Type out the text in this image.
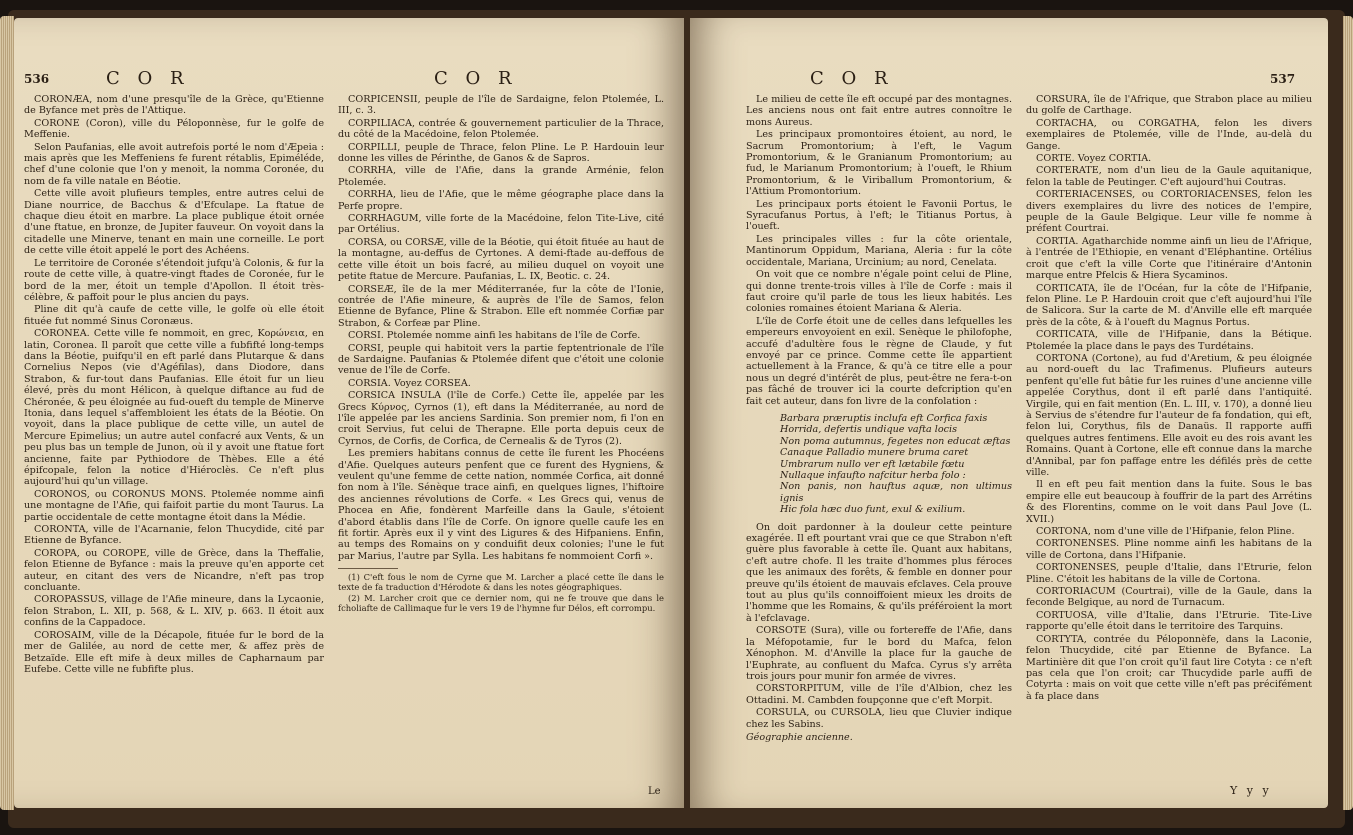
536	C O R	C O R

CORONÆA, nom d'une presqu'île de la Grèce, qu'Etienne de Byfance met près de l'Attique.

CORONE (Coron), ville du Péloponnèse, fur le golfe de Meffenie.

Selon Paufanias, elle avoit autrefois porté le nom d'Æpeia : mais après que les Meffeniens fe furent rétablis, Epiméléde, chef d'une colonie que l'on y menoit, la nomma Coronée, du nom de fa ville natale en Béotie.

Cette ville avoit plufieurs temples, entre autres celui de Diane nourrice, de Bacchus & d'Efculape. La ftatue de chaque dieu étoit en marbre. La place publique étoit ornée d'une ftatue, en bronze, de Jupiter fauveur. On voyoit dans la citadelle une Minerve, tenant en main une corneille. Le port de cette ville étoit appelé le port des Achéens.

Le territoire de Coronée s'étendoit jufqu'à Colonis, & fur la route de cette ville, à quatre-vingt ftades de Coronée, fur le bord de la mer, étoit un temple d'Apollon. Il étoit très-célèbre, & paffoit pour le plus ancien du pays.

Pline dit qu'à caufe de cette ville, le golfe où elle étoit fituée fut nommé Sinus Coronæus.

CORONEA. Cette ville fe nommoit, en grec, Κορώνεια, en latin, Coronea. Il paroît que cette ville a fubfifté long-temps dans la Béotie, puifqu'il en eft parlé dans Plutarque & dans Cornelius Nepos (vie d'Agéfilas), dans Diodore, dans Strabon, & fur-tout dans Paufanias. Elle étoit fur un lieu élevé, près du mont Hélicon, à quelque diftance au fud de Chéronée, & peu éloignée au fud-oueft du temple de Minerve Itonia, dans lequel s'affembloient les états de la Béotie. On voyoit, dans la place publique de cette ville, un autel de Mercure Epimelius; un autre autel confacré aux Vents, & un peu plus bas un temple de Junon, où il y avoit une ftatue fort ancienne, faite par Pythiodore de Thèbes. Elle a été épifcopale, felon la notice d'Hiéroclès. Ce n'eft plus aujourd'hui qu'un village.

CORONOS, ou CORONUS MONS. Ptolemée nomme ainfi une montagne de l'Afie, qui faifoit partie du mont Taurus. La partie occidentale de cette montagne étoit dans la Médie.

CORONTA, ville de l'Acarnanie, felon Thucydide, cité par Etienne de Byfance.

COROPA, ou COROPE, ville de Grèce, dans la Theffalie, felon Etienne de Byfance : mais la preuve qu'en apporte cet auteur, en citant des vers de Nicandre, n'eft pas trop concluante.

COROPASSUS, village de l'Afie mineure, dans la Lycaonie, felon Strabon, L. XII, p. 568, & L. XIV, p. 663. Il étoit aux confins de la Cappadoce.

COROSAIM, ville de la Décapole, fituée fur le bord de la mer de Galilée, au nord de cette mer, & affez près de Betzaïde. Elle eft mife à deux milles de Capharnaum par Eufebe. Cette ville ne fubfifte plus.

CORPICENSII, peuple de l'île de Sardaigne, felon Ptolemée, L. III, c. 3.

CORPILIACA, contrée & gouvernement particulier de la Thrace, du côté de la Macédoine, felon Ptolemée.

CORPILLI, peuple de Thrace, felon Pline. Le P. Hardouin leur donne les villes de Périnthe, de Ganos & de Sapros.

CORRHA, ville de l'Afie, dans la grande Arménie, felon Ptolemée.

CORRHA, lieu de l'Afie, que le même géographe place dans la Perfe propre.

CORRHAGUM, ville forte de la Macédoine, felon Tite-Live, cité par Ortélius.

CORSA, ou CORSÆ, ville de la Béotie, qui étoit fituée au haut de la montagne, au-deffus de Cyrtones. A demi-ftade au-deffous de cette ville étoit un bois facré, au milieu duquel on voyoit une petite ftatue de Mercure. Paufanias, L. IX, Beotic. c. 24.

CORSEÆ, île de la mer Méditerranée, fur la côte de l'Ionie, contrée de l'Afie mineure, & auprès de l'île de Samos, felon Etienne de Byfance, Pline & Strabon. Elle eft nommée Corfiæ par Strabon, & Corfeæ par Pline.

CORSI. Ptolemée nomme ainfi les habitans de l'île de Corfe.

CORSI, peuple qui habitoit vers la partie feptentrionale de l'île de Sardaigne. Paufanias & Ptolemée difent que c'étoit une colonie venue de l'île de Corfe.

CORSIA. Voyez CORSEA.

CORSICA INSULA (l'île de Corfe.) Cette île, appelée par les Grecs Κύρνος, Cyrnos (1), eft dans la Méditerranée, au nord de l'île appelée par les anciens Sardinia. Son premier nom, fi l'on en croit Servius, fut celui de Therapne. Elle porta depuis ceux de Cyrnos, de Corfis, de Corfica, de Cernealis & de Tyros (2).

Les premiers habitans connus de cette île furent les Phocéens d'Afie. Quelques auteurs penfent que ce furent des Hygniens, & veulent qu'une femme de cette nation, nommée Corfica, ait donné fon nom à l'île. Sénèque trace ainfi, en quelques lignes, l'hiftoire des anciennes révolutions de Corfe. « Les Grecs qui, venus de Phocea en Afie, fondèrent Marfeille dans la Gaule, s'étoient d'abord établis dans l'île de Corfe. On ignore quelle caufe les en fit fortir. Après eux il y vint des Ligures & des Hifpaniens. Enfin, au temps des Romains on y conduifit deux colonies; l'une le fut par Marius, l'autre par Sylla. Les habitans fe nommoient Corfi ».

(1) C'eft fous le nom de Cyrne que M. Larcher a placé cette île dans le texte de fa traduction d'Hérodote & dans les notes géographiques.

(2) M. Larcher croit que ce dernier nom, qui ne fe trouve que dans le fcholiafte de Callimaque fur le vers 19 de l'hymne fur Délos, eft corrompu.

Le
C O R	537

Le milieu de cette île eft occupé par des montagnes. Les anciens nous ont fait entre autres connoître le mons Aureus.

Les principaux promontoires étoient, au nord, le Sacrum Promontorium; à l'eft, le Vagum Promontorium, & le Granianum Promontorium; au fud, le Marianum Promontorium; à l'oueft, le Rhium Promontorium, & le Viriballum Promontorium, & l'Attium Promontorium.

Les principaux ports étoient le Favonii Portus, le Syracufanus Portus, à l'eft; le Titianus Portus, à l'oueft.

Les principales villes : fur la côte orientale, Mantinorum Oppidum, Mariana, Aleria : fur la côte occidentale, Mariana, Urcinium; au nord, Cenelata.

On voit que ce nombre n'égale point celui de Pline, qui donne trente-trois villes à l'île de Corfe : mais il faut croire qu'il parle de tous les lieux habités. Les colonies romaines étoient Mariana & Aleria.

L'île de Corfe étoit une de celles dans lefquelles les empereurs envoyoient en exil. Senèque le philofophe, accufé d'adultère fous le règne de Claude, y fut envoyé par ce prince. Comme cette île appartient actuellement à la France, & qu'à ce titre elle a pour nous un degré d'intérêt de plus, peut-être ne fera-t-on pas fâché de trouver ici la courte defcription qu'en fait cet auteur, dans fon livre de la confolation :

Barbara præruptis inclufa eft Corfica faxis
Horrida, defertis undique vafta locis
Non poma autumnus, fegetes non educat æftas
Canaque Palladio munere bruma caret
Umbrarum nullo ver eft lætabile fœtu
Nullaque infaufto nafcitur herba folo :
Non panis, non hauftus aquæ, non ultimus ignis
Hic fola hæc duo funt, exul & exilium.

On doit pardonner à la douleur cette peinture exagérée. Il eft pourtant vrai que ce que Strabon n'eft guère plus favorable à cette île. Quant aux habitans, c'eft autre chofe. Il les traite d'hommes plus féroces que les animaux des forêts, & femble en donner pour preuve qu'ils étoient de mauvais efclaves. Cela prouve tout au plus qu'ils connoiffoient mieux les droits de l'homme que les Romains, & qu'ils préféroient la mort à l'efclavage.

CORSOTE (Sura), ville ou fortereffe de l'Afie, dans la Méfopotamie, fur le bord du Mafca, felon Xénophon. M. d'Anville la place fur la gauche de l'Euphrate, au confluent du Mafca. Cyrus s'y arrêta trois jours pour munir fon armée de vivres.

CORSTORPITUM, ville de l'île d'Albion, chez les Ottadini. M. Cambden foupçonne que c'eft Morpit.

CORSULA, ou CURSOLA, lieu que Cluvier indique chez les Sabins.

Géographie ancienne.

CORSURA, île de l'Afrique, que Strabon place au milieu du golfe de Carthage.

CORTACHA, ou CORGATHA, felon les divers exemplaires de Ptolemée, ville de l'Inde, au-delà du Gange.

CORTE. Voyez CORTIA.

CORTERATE, nom d'un lieu de la Gaule aquitanique, felon la table de Peutinger. C'eft aujourd'hui Coutras.

CORTERIACENSES, ou CORTORIACENSES, felon les divers exemplaires du livre des notices de l'empire, peuple de la Gaule Belgique. Leur ville fe nomme à préfent Courtrai.

CORTIA. Agatharchide nomme ainfi un lieu de l'Afrique, à l'entrée de l'Ethiopie, en venant d'Eléphantine. Ortélius croit que c'eft la ville Corte que l'itinéraire d'Antonin marque entre Pfelcis & Hiera Sycaminos.

CORTICATA, île de l'Océan, fur la côte de l'Hifpanie, felon Pline. Le P. Hardouin croit que c'eft aujourd'hui l'île de Salicora. Sur la carte de M. d'Anville elle eft marquée près de la côte, & à l'oueft du Magnus Portus.

CORTICATA, ville de l'Hifpanie, dans la Bétique. Ptolemée la place dans le pays des Turdétains.

CORTONA (Cortone), au fud d'Aretium, & peu éloignée au nord-oueft du lac Trafimenus. Plufieurs auteurs penfent qu'elle fut bâtie fur les ruines d'une ancienne ville appelée Corythus, dont il eft parlé dans l'antiquité. Virgile, qui en fait mention (En. L. III, v. 170), a donné lieu à Servius de s'étendre fur l'auteur de fa fondation, qui eft, felon lui, Corythus, fils de Danaüs. Il rapporte auffi quelques autres fentimens. Elle avoit eu des rois avant les Romains. Quant à Cortone, elle eft connue dans la marche d'Annibal, par fon paffage entre les défilés près de cette ville.

Il en eft peu fait mention dans la fuite. Sous le bas empire elle eut beaucoup à fouffrir de la part des Arrétins & des Florentins, comme on le voit dans Paul Jove (L. XVII.)

CORTONA, nom d'une ville de l'Hifpanie, felon Pline.

CORTONENSES. Pline nomme ainfi les habitans de la ville de Cortona, dans l'Hifpanie.

CORTONENSES, peuple d'Italie, dans l'Etrurie, felon Pline. C'étoit les habitans de la ville de Cortona.

CORTORIACUM (Courtrai), ville de la Gaule, dans la feconde Belgique, au nord de Turnacum.

CORTUOSA, ville d'Italie, dans l'Etrurie. Tite-Live rapporte qu'elle étoit dans le territoire des Tarquins.

CORTYTA, contrée du Péloponnèfe, dans la Laconie, felon Thucydide, cité par Etienne de Byfance. La Martinière dit que l'on croit qu'il faut lire Cotyta : ce n'eft pas cela que l'on croit; car Thucydide parle auffi de Cotyrta : mais on voit que cette ville n'eft pas précifément à fa place dans

Y y y
